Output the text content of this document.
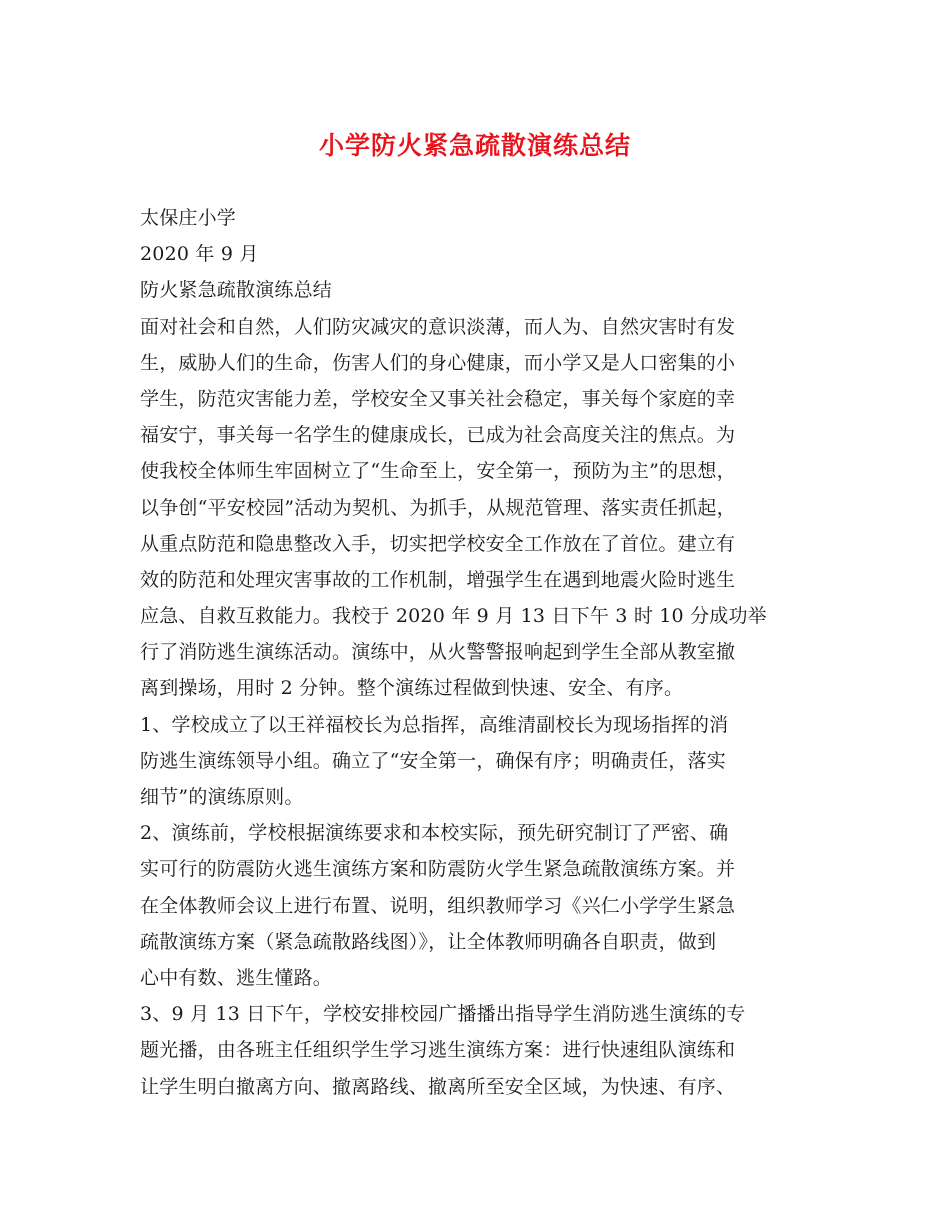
小学防火紧急疏散演练总结
太保庄小学
2020 年 9 月
防火紧急疏散演练总结
面对社会和自然，人们防灾减灾的意识淡薄，而人为、自然灾害时有发
生，威胁人们的生命，伤害人们的身心健康，而小学又是人口密集的小
学生，防范灾害能力差，学校安全又事关社会稳定，事关每个家庭的幸
福安宁，事关每一名学生的健康成长，已成为社会高度关注的焦点。为
使我校全体师生牢固树立了“生命至上，安全第一，预防为主”的思想，
以争创“平安校园”活动为契机、为抓手，从规范管理、落实责任抓起，
从重点防范和隐患整改入手，切实把学校安全工作放在了首位。建立有
效的防范和处理灾害事故的工作机制，增强学生在遇到地震火险时逃生
应急、自救互救能力。我校于 2020 年 9 月 13 日下午 3 时 10 分成功举
行了消防逃生演练活动。演练中，从火警警报响起到学生全部从教室撤
离到操场，用时 2 分钟。整个演练过程做到快速、安全、有序。
1、学校成立了以王祥福校长为总指挥，高维清副校长为现场指挥的消
防逃生演练领导小组。确立了“安全第一，确保有序；明确责任，落实
细节”的演练原则。
2、演练前，学校根据演练要求和本校实际，预先研究制订了严密、确
实可行的防震防火逃生演练方案和防震防火学生紧急疏散演练方案。并
在全体教师会议上进行布置、说明，组织教师学习《兴仁小学学生紧急
疏散演练方案（紧急疏散路线图）》，让全体教师明确各自职责，做到
心中有数、逃生懂路。
3、9 月 13 日下午，学校安排校园广播播出指导学生消防逃生演练的专
题光播，由各班主任组织学生学习逃生演练方案：进行快速组队演练和
让学生明白撤离方向、撤离路线、撤离所至安全区域，为快速、有序、
